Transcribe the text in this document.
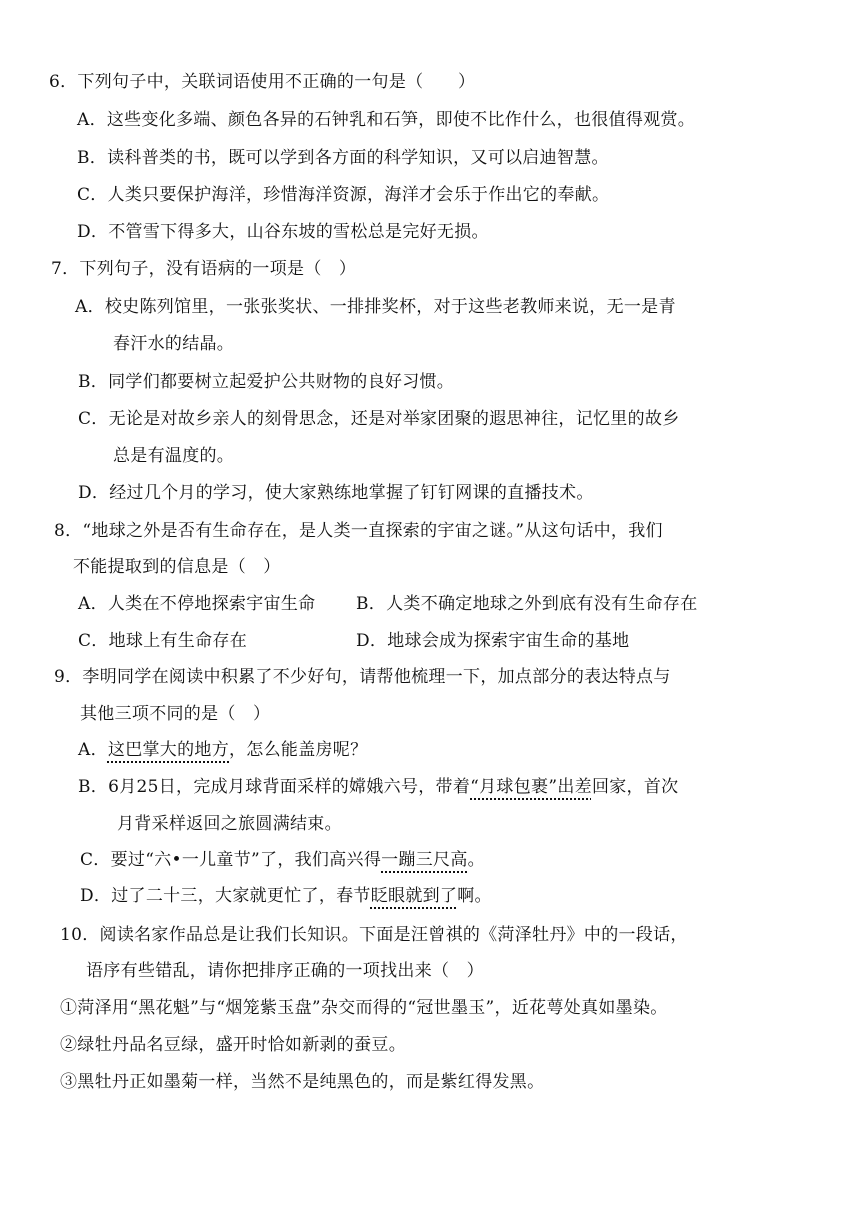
6．下列句子中，关联词语使用不正确的一句是（　　）
A．这些变化多端、颜色各异的石钟乳和石笋，即使不比作什么，也很值得观赏。
B．读科普类的书，既可以学到各方面的科学知识，又可以启迪智慧。
C．人类只要保护海洋，珍惜海洋资源，海洋才会乐于作出它的奉献。
D．不管雪下得多大，山谷东坡的雪松总是完好无损。
7．下列句子，没有语病的一项是（　）
A．校史陈列馆里，一张张奖状、一排排奖杯，对于这些老教师来说，无一是青
春汗水的结晶。
B．同学们都要树立起爱护公共财物的良好习惯。
C．无论是对故乡亲人的刻骨思念，还是对举家团聚的遐思神往，记忆里的故乡
总是有温度的。
D．经过几个月的学习，使大家熟练地掌握了钉钉网课的直播技术。
8．“地球之外是否有生命存在，是人类一直探索的宇宙之谜。”从这句话中，我们
不能提取到的信息是（　）
A．人类在不停地探索宇宙生命 B．人类不确定地球之外到底有没有生命存在
C．地球上有生命存在	D．地球会成为探索宇宙生命的基地
9．李明同学在阅读中积累了不少好句，请帮他梳理一下，加点部分的表达特点与
其他三项不同的是（　）
A．这巴掌大的地方，怎么能盖房呢？
B．6月25日，完成月球背面采样的嫦娥六号，带着“月球包裹”出差回家，首次
月背采样返回之旅圆满结束。
C．要过“六•一儿童节”了，我们高兴得一蹦三尺高。
D．过了二十三，大家就更忙了，春节眨眼就到了啊。
10．阅读名家作品总是让我们长知识。下面是汪曾祺的《菏泽牡丹》中的一段话，
语序有些错乱，请你把排序正确的一项找出来（　）
①菏泽用“黑花魁”与“烟笼紫玉盘”杂交而得的“冠世墨玉”，近花萼处真如墨染。
②绿牡丹品名豆绿，盛开时恰如新剥的蚕豆。
③黑牡丹正如墨菊一样，当然不是纯黑色的，而是紫红得发黑。
